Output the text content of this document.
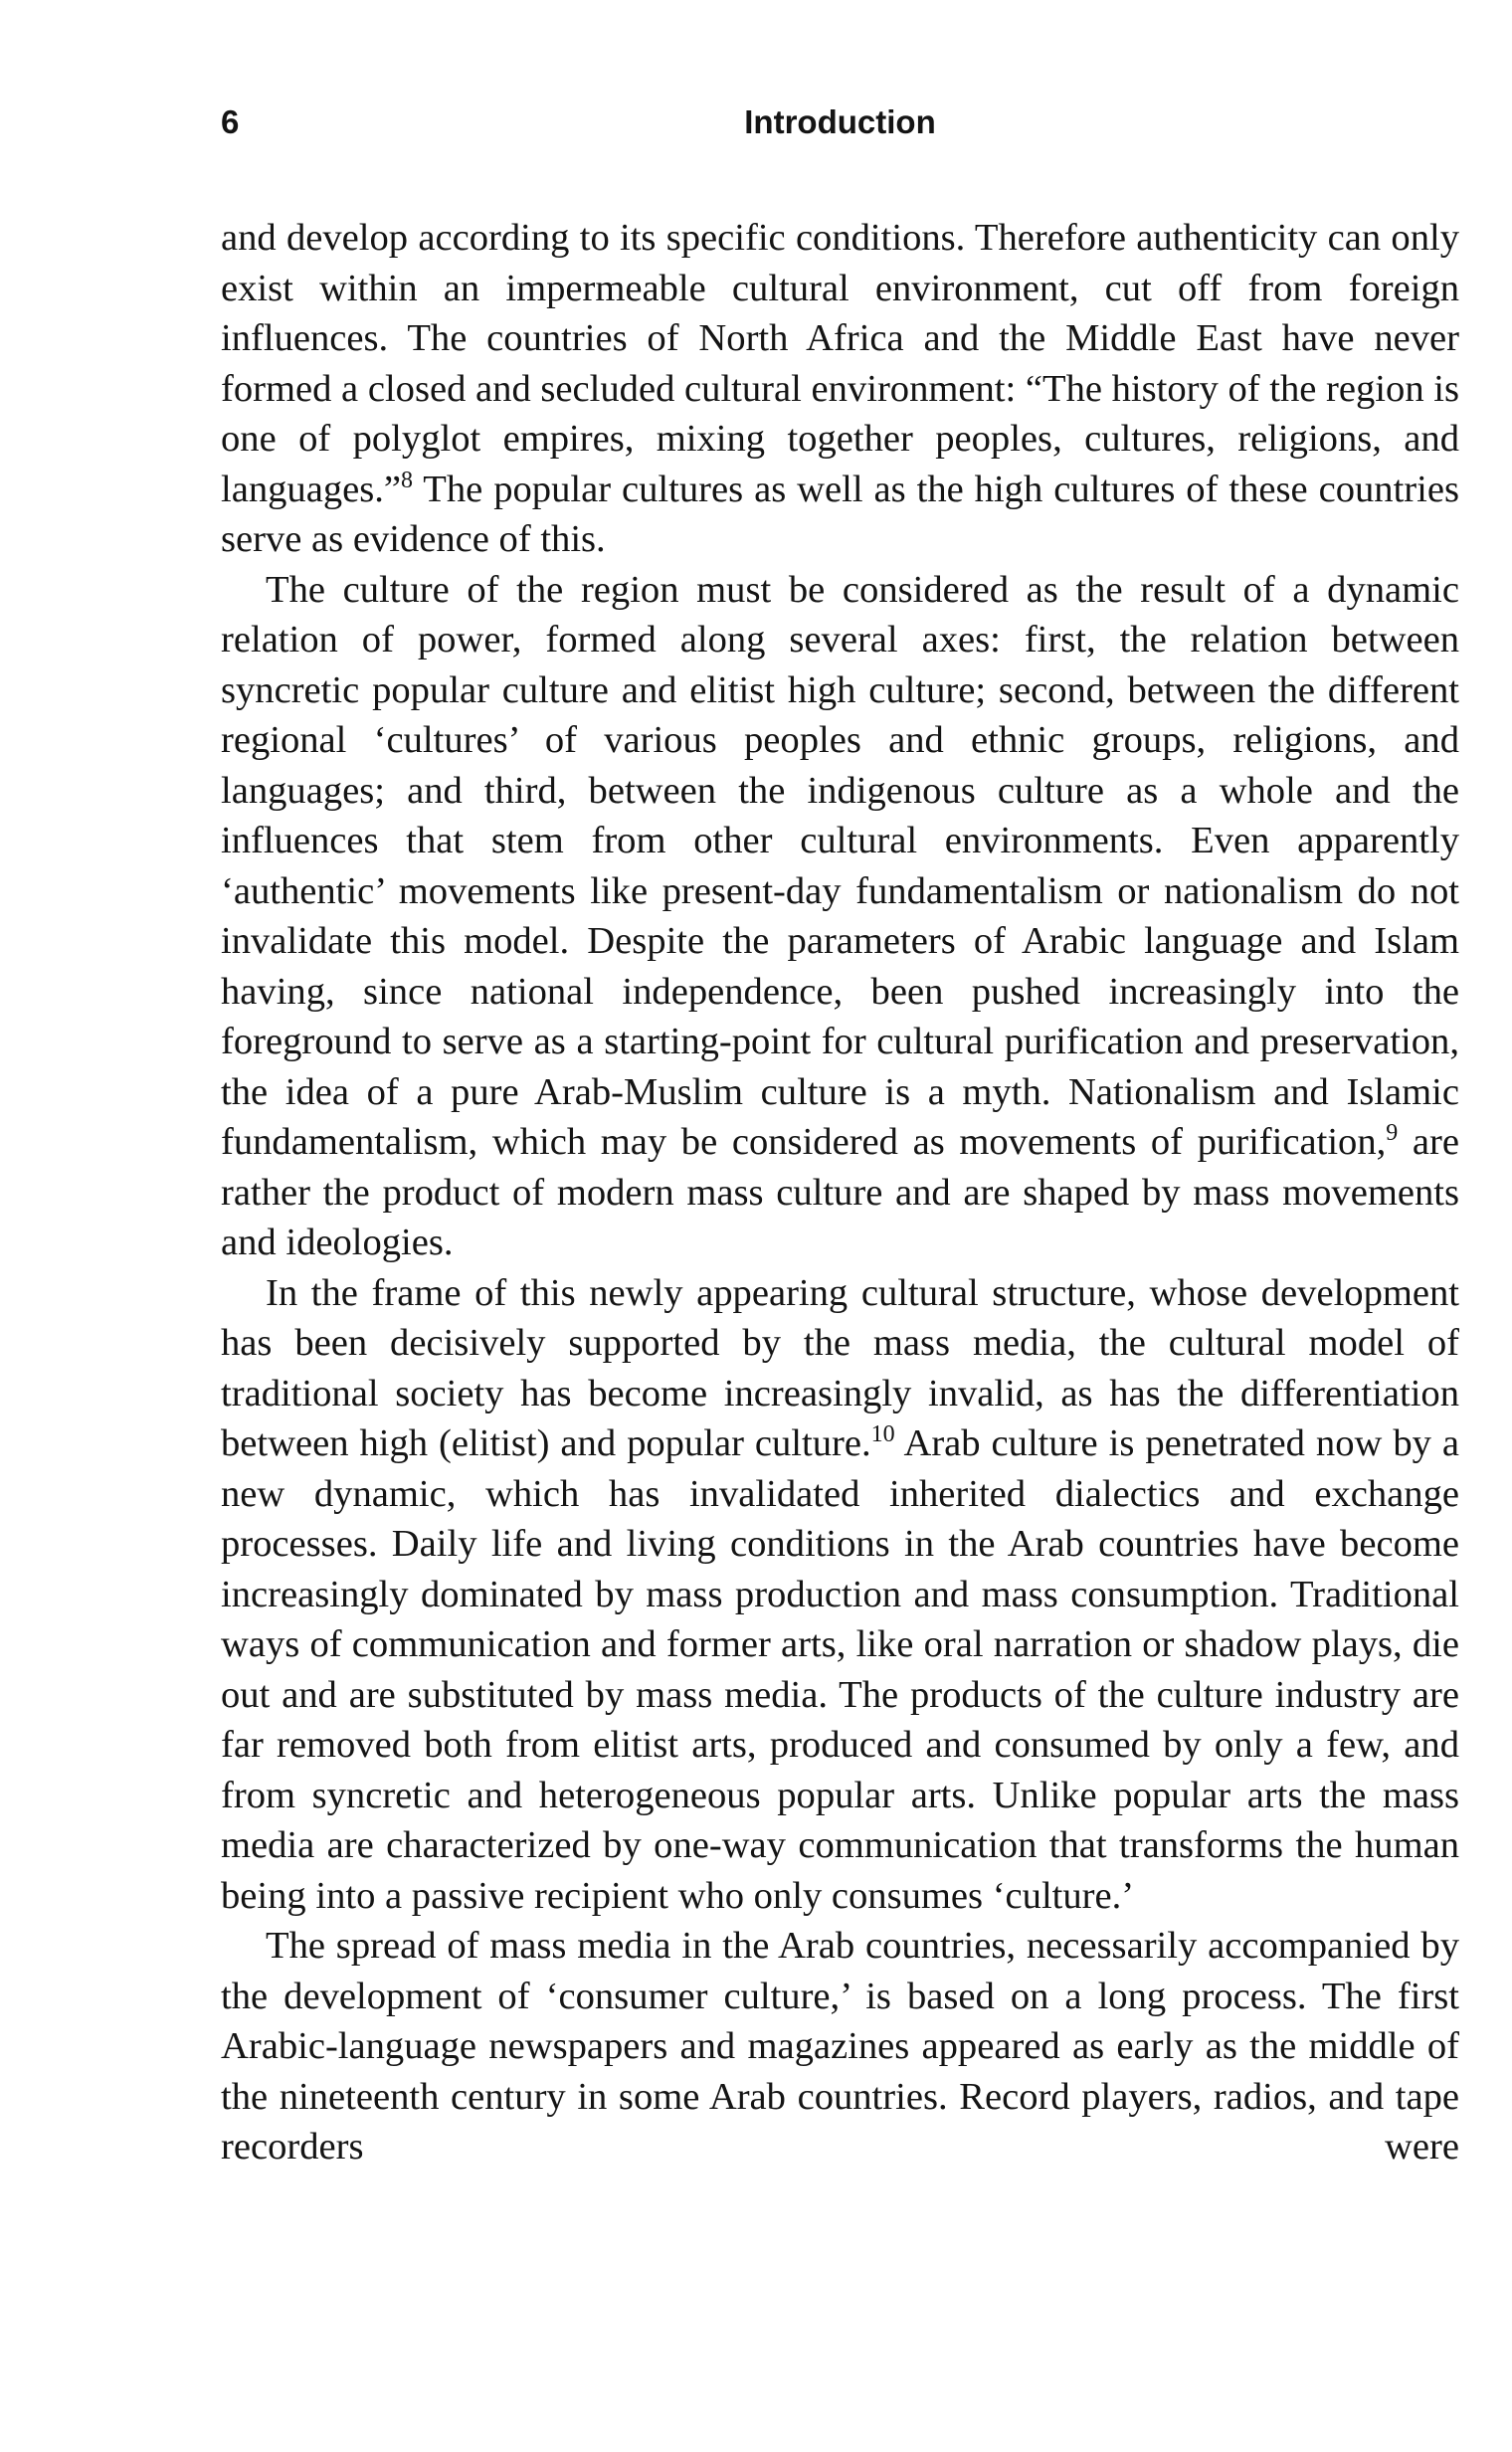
6	Introduction

and develop according to its specific conditions. Therefore authenticity can only exist within an impermeable cultural environment, cut off from foreign influences. The countries of North Africa and the Middle East have never formed a closed and secluded cultural environment: “The history of the region is one of polyglot empires, mixing together peoples, cultures, religions, and languages.”$^8$ The popular cultures as well as the high cultures of these countries serve as evidence of this.

The culture of the region must be considered as the result of a dynamic relation of power, formed along several axes: first, the relation between syncretic popular culture and elitist high culture; second, between the different regional ‘cultures’ of various peoples and ethnic groups, religions, and languages; and third, between the indigenous culture as a whole and the influences that stem from other cultural environments. Even apparently ‘authentic’ movements like present-day fundamentalism or nationalism do not invalidate this model. Despite the parameters of Arabic language and Islam having, since national independence, been pushed increasingly into the foreground to serve as a starting-point for cultural purification and preservation, the idea of a pure Arab-Muslim culture is a myth. Nationalism and Islamic fundamentalism, which may be considered as movements of purification,$^9$ are rather the product of modern mass culture and are shaped by mass movements and ideologies.

In the frame of this newly appearing cultural structure, whose development has been decisively supported by the mass media, the cultural model of traditional society has become increasingly invalid, as has the differentiation between high (elitist) and popular culture.$^{10}$ Arab culture is penetrated now by a new dynamic, which has invalidated inherited dialectics and exchange processes. Daily life and living conditions in the Arab countries have become increasingly dominated by mass production and mass consumption. Traditional ways of communication and former arts, like oral narration or shadow plays, die out and are substituted by mass media. The products of the culture industry are far removed both from elitist arts, produced and consumed by only a few, and from syncretic and heterogeneous popular arts. Unlike popular arts the mass media are characterized by one-way communication that transforms the human being into a passive recipient who only consumes ‘culture.’

The spread of mass media in the Arab countries, necessarily accompanied by the development of ‘consumer culture,’ is based on a long process. The first Arabic-language newspapers and magazines appeared as early as the middle of the nineteenth century in some Arab countries. Record players, radios, and tape recorders were
